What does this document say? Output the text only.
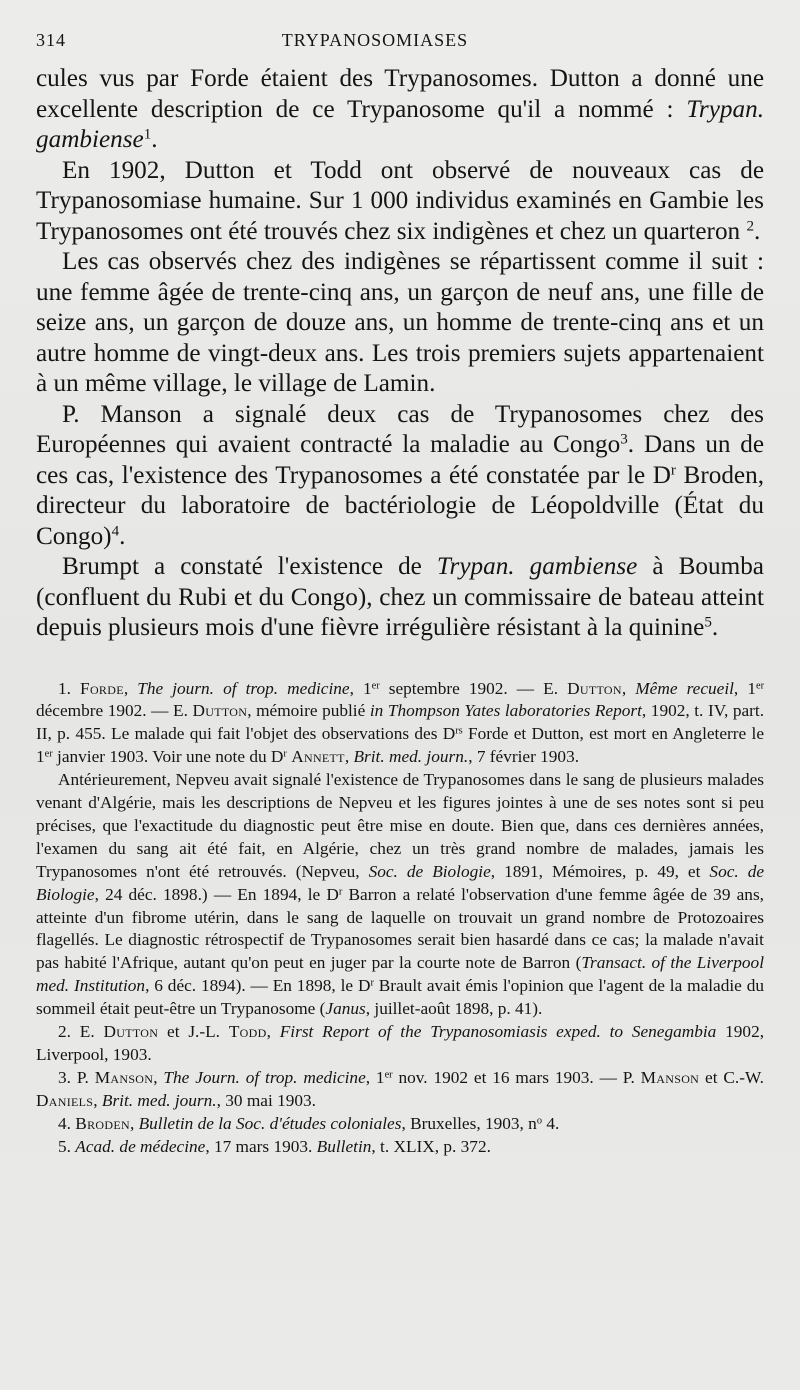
314	TRYPANOSOMIASES

cules vus par Forde étaient des Trypanosomes. Dutton a donné une excellente description de ce Trypanosome qu'il a nommé : Trypan. gambiense$^1$.

En 1902, Dutton et Todd ont observé de nouveaux cas de Trypanosomiase humaine. Sur 1 000 individus examinés en Gambie les Trypanosomes ont été trouvés chez six indigènes et chez un quarteron $^2$.

Les cas observés chez des indigènes se répartissent comme il suit : une femme âgée de trente-cinq ans, un garçon de neuf ans, une fille de seize ans, un garçon de douze ans, un homme de trente-cinq ans et un autre homme de vingt-deux ans. Les trois premiers sujets appartenaient à un même village, le village de Lamin.

P. Manson a signalé deux cas de Trypanosomes chez des Européennes qui avaient contracté la maladie au Congo$^3$. Dans un de ces cas, l'existence des Trypanosomes a été constatée par le $D^r$ Broden, directeur du laboratoire de bactériologie de Léopoldville (État du Congo)$^4$.

Brumpt a constaté l'existence de Trypan. gambiense à Boumba (confluent du Rubi et du Congo), chez un commissaire de bateau atteint depuis plusieurs mois d'une fièvre irrégulière résistant à la quinine$^5$.

1. Forde, The journ. of trop. medicine, 1er septembre 1902. — E. Dutton, Même recueil, 1er décembre 1902. — E. Dutton, mémoire publié in Thompson Yates laboratories Report, 1902, t. IV, part. II, p. 455. Le malade qui fait l'objet des observations des $D^{rs}$ Forde et Dutton, est mort en Angleterre le 1er janvier 1903. Voir une note du $D^r$ Annett, Brit. med. journ., 7 février 1903.

Antérieurement, Nepveu avait signalé l'existence de Trypanosomes dans le sang de plusieurs malades venant d'Algérie, mais les descriptions de Nepveu et les figures jointes à une de ses notes sont si peu précises, que l'exactitude du diagnostic peut être mise en doute. Bien que, dans ces dernières années, l'examen du sang ait été fait, en Algérie, chez un très grand nombre de malades, jamais les Trypanosomes n'ont été retrouvés. (Nepveu, Soc. de Biologie, 1891, Mémoires, p. 49, et Soc. de Biologie, 24 déc. 1898.) — En 1894, le $D^r$ Barron a relaté l'observation d'une femme âgée de 39 ans, atteinte d'un fibrome utérin, dans le sang de laquelle on trouvait un grand nombre de Protozoaires flagellés. Le diagnostic rétrospectif de Trypanosomes serait bien hasardé dans ce cas; la malade n'avait pas habité l'Afrique, autant qu'on peut en juger par la courte note de Barron (Transact. of the Liverpool med. Institution, 6 déc. 1894). — En 1898, le $D^r$ Brault avait émis l'opinion que l'agent de la maladie du sommeil était peut-être un Trypanosome (Janus, juillet-août 1898, p. 41).

2. E. Dutton et J.-L. Todd, First Report of the Trypanosomiasis exped. to Senegambia 1902, Liverpool, 1903.

3. P. Manson, The Journ. of trop. medicine, 1er nov. 1902 et 16 mars 1903. — P. Manson et C.-W. Daniels, Brit. med. journ., 30 mai 1903.

4. Broden, Bulletin de la Soc. d'études coloniales, Bruxelles, 1903, $n^o$ 4.

5. Acad. de médecine, 17 mars 1903. Bulletin, t. XLIX, p. 372.
